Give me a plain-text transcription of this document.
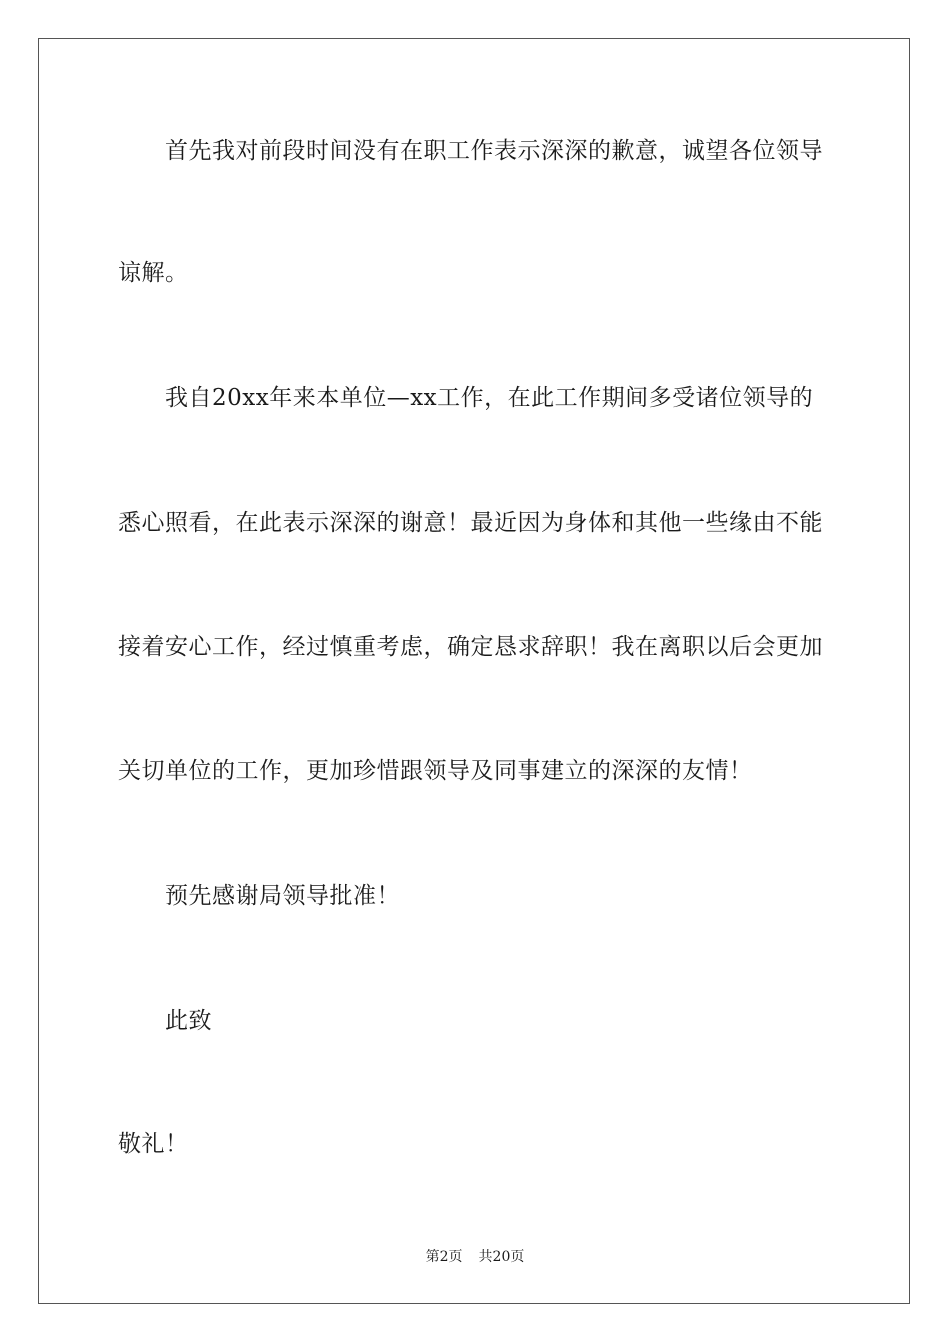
首先我对前段时间没有在职工作表示深深的歉意，诚望各位领导
谅解。
我自20xx年来本单位—xx工作，在此工作期间多受诸位领导的
悉心照看，在此表示深深的谢意！最近因为身体和其他一些缘由不能
接着安心工作，经过慎重考虑，确定恳求辞职！我在离职以后会更加
关切单位的工作，更加珍惜跟领导及同事建立的深深的友情！
预先感谢局领导批准！
此致
敬礼！
第2页 共20页
